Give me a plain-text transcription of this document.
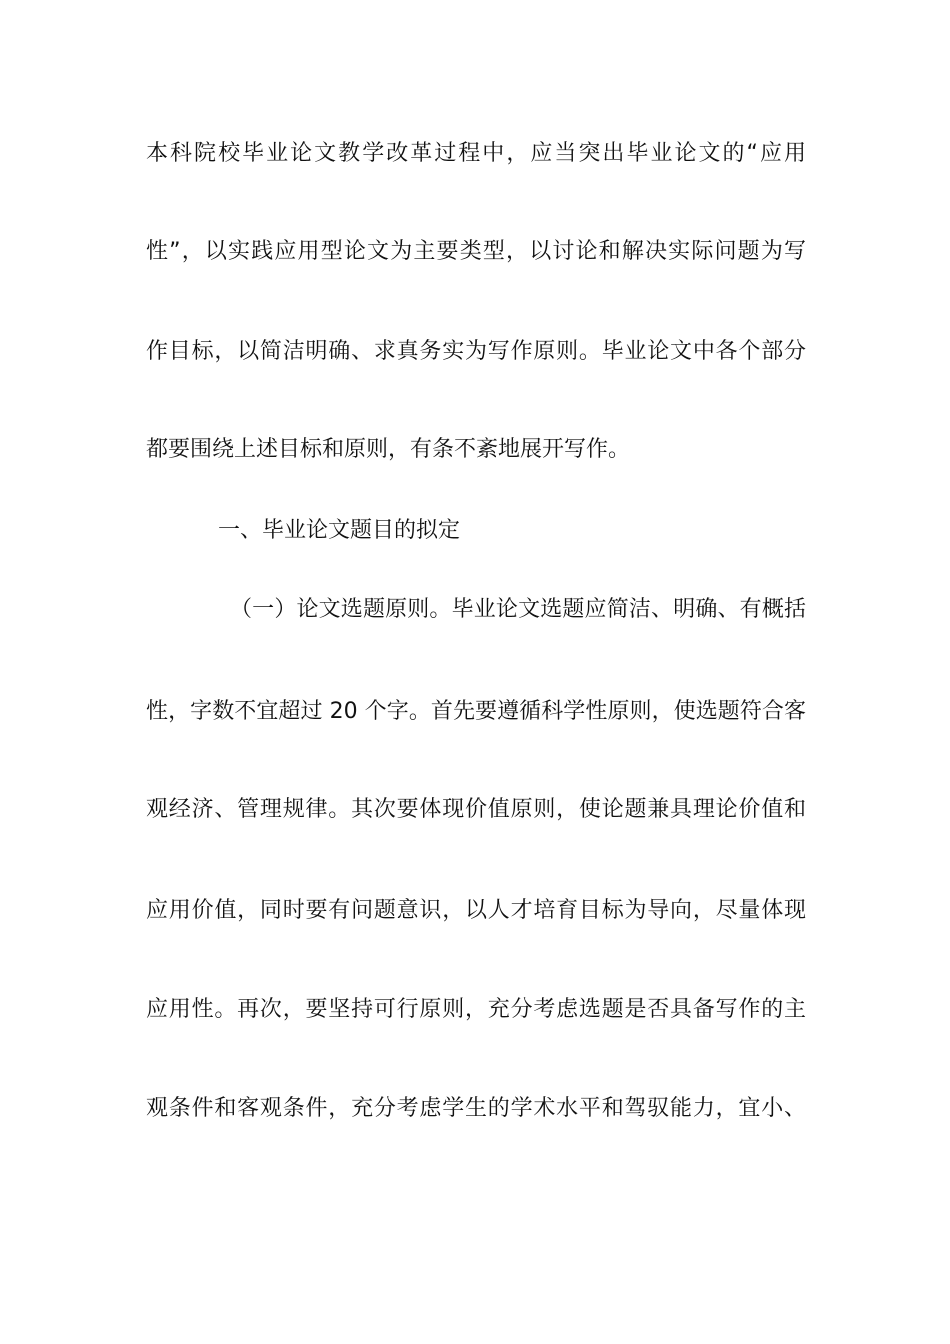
本科院校毕业论文教学改革过程中，应当突出毕业论文的“应用
性”，以实践应用型论文为主要类型，以讨论和解决实际问题为写
作目标，以简洁明确、求真务实为写作原则。毕业论文中各个部分
都要围绕上述目标和原则，有条不紊地展开写作。
一、毕业论文题目的拟定
（一）论文选题原则。毕业论文选题应简洁、明确、有概括
性，字数不宜超过 20 个字。首先要遵循科学性原则，使选题符合客
观经济、管理规律。其次要体现价值原则，使论题兼具理论价值和
应用价值，同时要有问题意识，以人才培育目标为导向，尽量体现
应用性。再次，要坚持可行原则，充分考虑选题是否具备写作的主
观条件和客观条件，充分考虑学生的学术水平和驾驭能力，宜小、
